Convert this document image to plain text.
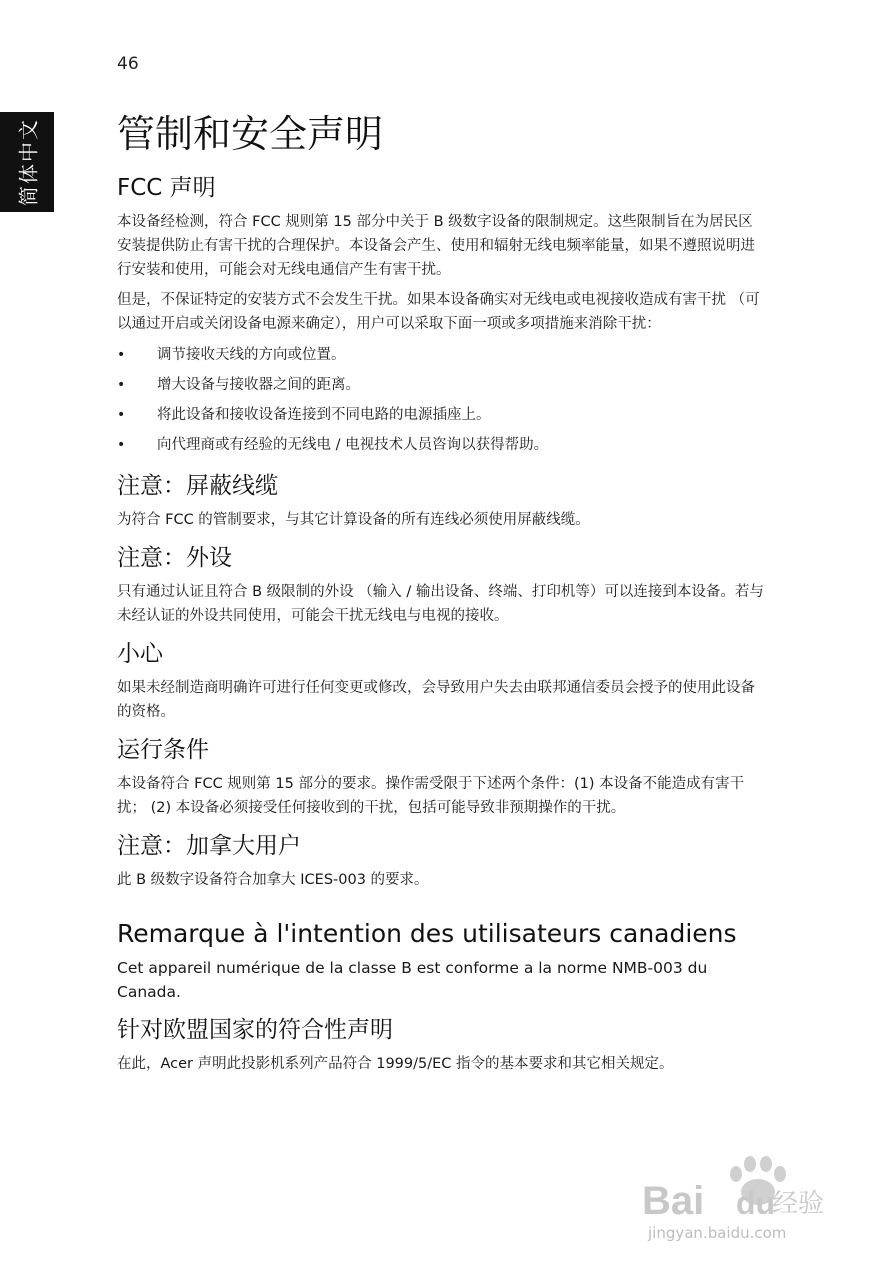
46
简体中文 管制和安全声明
FCC 声明

本设备经检测，符合 FCC 规则第 15 部分中关于 B 级数字设备的限制规定。这些限制旨在为居民区安装提供防止有害干扰的合理保护。本设备会产生、使用和辐射无线电频率能量，如果不遵照说明进行安装和使用，可能会对无线电通信产生有害干扰。

但是，不保证特定的安装方式不会发生干扰。如果本设备确实对无线电或电视接收造成有害干扰 （可以通过开启或关闭设备电源来确定），用户可以采取下面一项或多项措施来消除干扰：

• 调节接收天线的方向或位置。
• 增大设备与接收器之间的距离。
• 将此设备和接收设备连接到不同电路的电源插座上。
• 向代理商或有经验的无线电 / 电视技术人员咨询以获得帮助。
注意：屏蔽线缆

为符合 FCC 的管制要求，与其它计算设备的所有连线必须使用屏蔽线缆。

注意：外设

只有通过认证且符合 B 级限制的外设 （输入 / 输出设备、终端、打印机等）可以连接到本设备。若与未经认证的外设共同使用，可能会干扰无线电与电视的接收。

小心

如果未经制造商明确许可进行任何变更或修改，会导致用户失去由联邦通信委员会授予的使用此设备的资格。

运行条件

本设备符合 FCC 规则第 15 部分的要求。操作需受限于下述两个条件：(1) 本设备不能造成有害干扰； (2) 本设备必须接受任何接收到的干扰，包括可能导致非预期操作的干扰。

注意：加拿大用户

此 B 级数字设备符合加拿大 ICES-003 的要求。

Remarque à l'intention des utilisateurs canadiens

Cet appareil numérique de la classe B est conforme a la norme NMB-003 du Canada.

针对欧盟国家的符合性声明

在此，Acer 声明此投影机系列产品符合 1999/5/EC 指令的基本要求和其它相关规定。

Bai du
经验
jingyan.baidu.com
